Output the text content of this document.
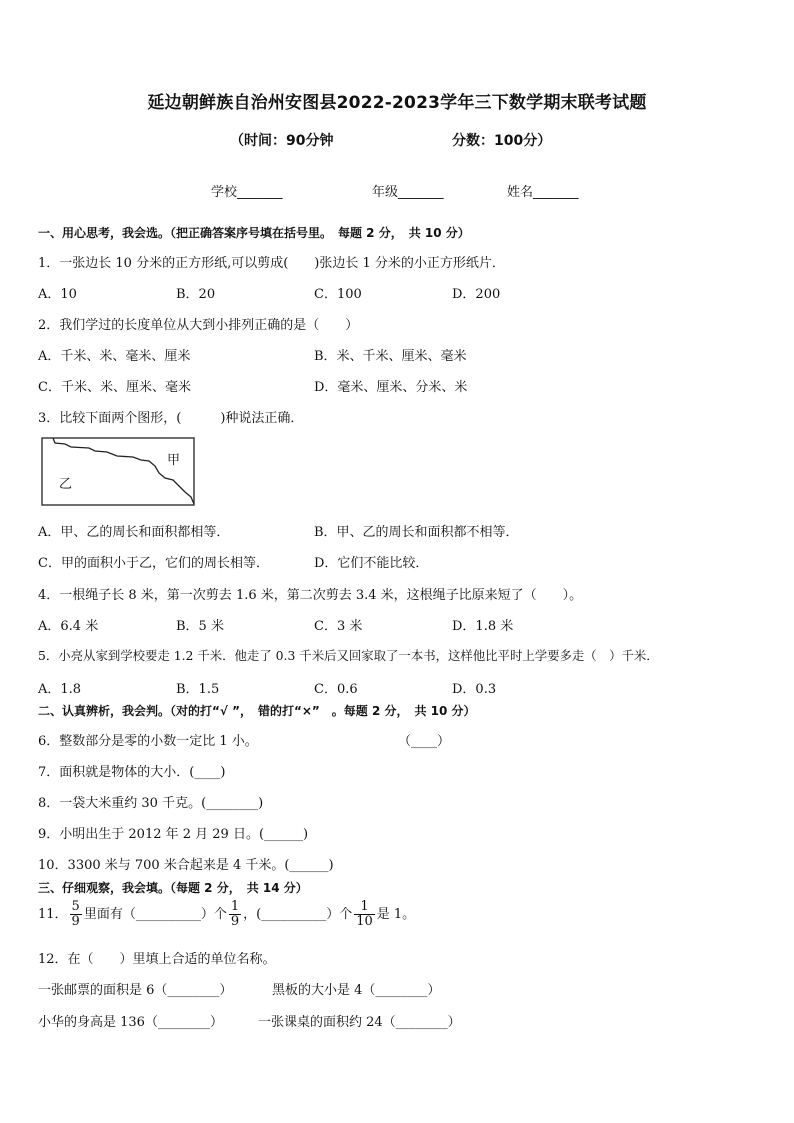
延边朝鲜族自治州安图县2022-2023学年三下数学期末联考试题
（时间：90分钟	分数：100分）
学校_______	年级_______	姓名_______
一、用心思考，我会选。（把正确答案序号填在括号里。　每题 2 分，　共 10 分）
1．一张边长 10 分米的正方形纸,可以剪成(　　)张边长 1 分米的小正方形纸片．
A．10	B．20	C．100	D．200
2．我们学过的长度单位从大到小排列正确的是（　　）
A．千米、米、毫米、厘米	B．米、千米、厘米、毫米
C．千米、米、厘米、毫米	D．毫米、厘米、分米、米
3．比较下面两个图形，(　　　)种说法正确．
甲
乙
A．甲、乙的周长和面积都相等．	B．甲、乙的周长和面积都不相等．
C．甲的面积小于乙，它们的周长相等．	D．它们不能比较．
4．一根绳子长 8 米，第一次剪去 1.6 米，第二次剪去 3.4 米，这根绳子比原来短了（　　）。
A．6.4 米	B．5 米	C．3 米	D．1.8 米
5．小亮从家到学校要走 1.2 千米．他走了 0.3 千米后又回家取了一本书，这样他比平时上学要多走（　）千米．
A．1.8	B．1.5	C．0.6	D．0.3
二、认真辨析，我会判。（对的打“√ ”，　错的打“×”　。每题 2 分，　共 10 分）
6．整数部分是零的小数一定比 1 小。	（____）
7．面积就是物体的大小．(____)
8．一袋大米重约 30 千克。(________)
9．小明出生于 2012 年 2 月 29 日。(______)
10．3300 米与 700 米合起来是 4 千米。(______)
三、仔细观察，我会填。（每题 2 分，　共 14 分）
11． $\frac{5}{9}$ 里面有（__________）个 $\frac{1}{9}$ ，(__________）个 $\frac{1}{10}$ 是 1。
12．在（　　）里填上合适的单位名称。
一张邮票的面积是 6（________）	黑板的大小是 4（________）
小华的身高是 136（________）	一张课桌的面积约 24（________）
